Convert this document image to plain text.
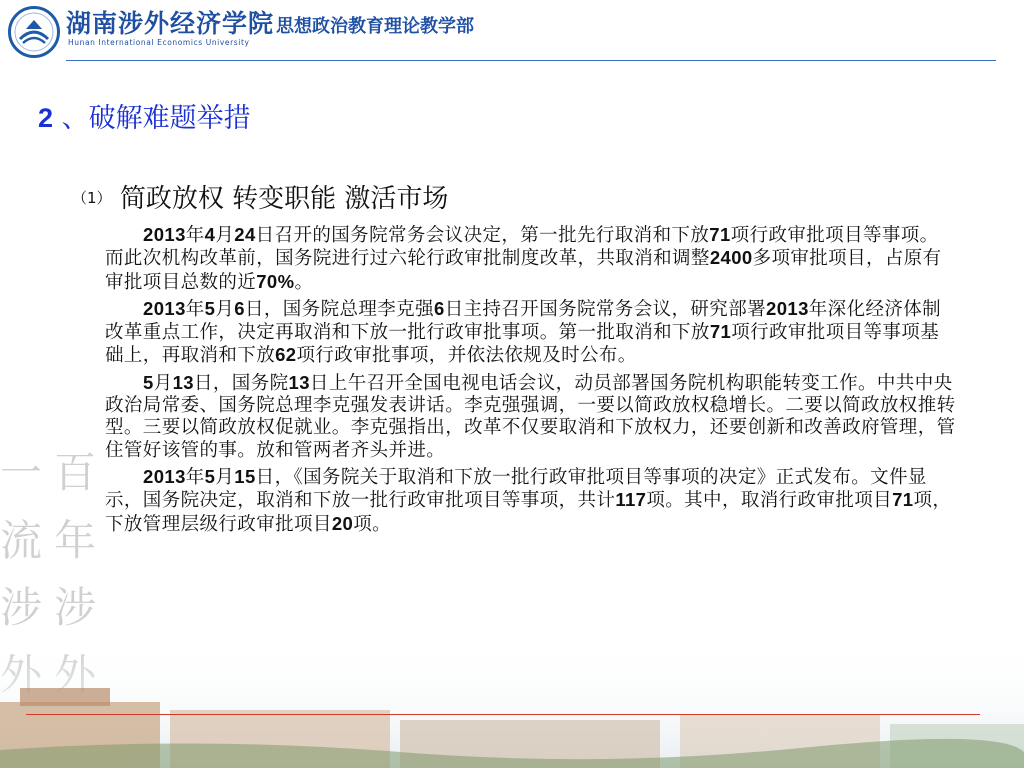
湖南涉外经济学院
Hunan International Economics University
思想政治教育理论教学部
一百
流年
涉涉
2 、破解难题举措
（1） 简政放权 转变职能 激活市场

2013年4月24日召开的国务院常务会议决定，第一批先行取消和下放71项行政审批项目等事项。而此次机构改革前，国务院进行过六轮行政审批制度改革，共取消和调整2400多项审批项目，占原有审批项目总数的近70%。

2013年5月6日，国务院总理李克强6日主持召开国务院常务会议，研究部署2013年深化经济体制改革重点工作，决定再取消和下放一批行政审批事项。第一批取消和下放71项行政审批项目等事项基础上，再取消和下放62项行政审批事项，并依法依规及时公布。

5月13日，国务院13日上午召开全国电视电话会议，动员部署国务院机构职能转变工作。中共中央政治局常委、国务院总理李克强发表讲话。李克强强调，一要以简政放权稳增长。二要以简政放权推转型。三要以简政放权促就业。李克强指出，改革不仅要取消和下放权力，还要创新和改善政府管理，管住管好该管的事。放和管两者齐头并进。

2013年5月15日，《国务院关于取消和下放一批行政审批项目等事项的决定》正式发布。文件显示，国务院决定，取消和下放一批行政审批项目等事项，共计117项。其中，取消行政审批项目71项，下放管理层级行政审批项目20项。
